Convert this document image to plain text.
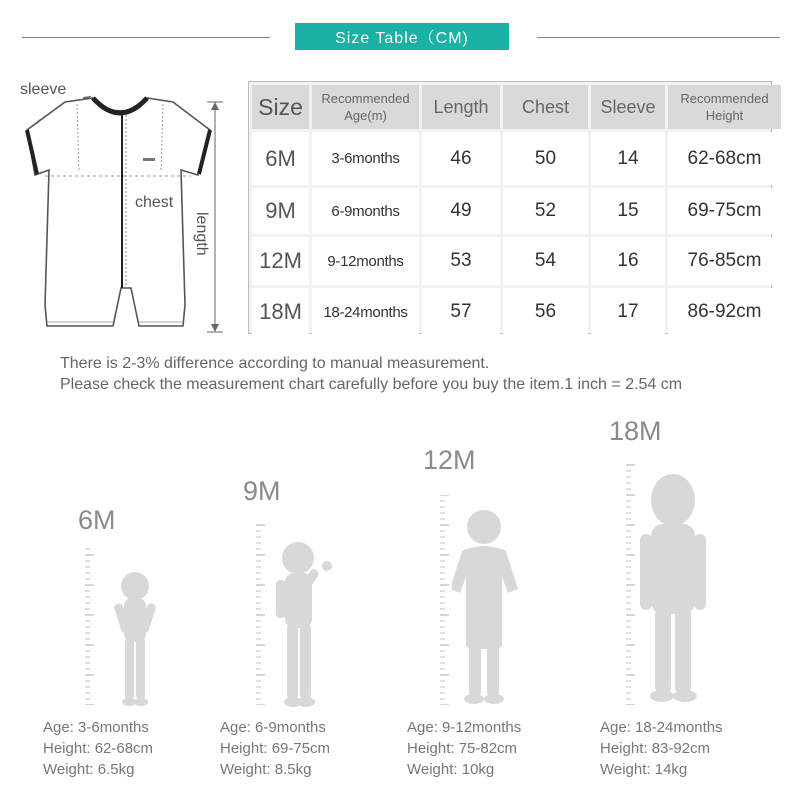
Size Table（CM)
sleeve
chest
length
Size	Recommended Age(m)	Length	Chest	Sleeve	Recommended Height
6M	3-6months	46	50	14	62-68cm
9M	6-9months	49	52	15	69-75cm
12M	9-12months	53	54	16	76-85cm
18M	18-24months	57	56	17	86-92cm
There is 2-3% difference according to manual measurement.
Please check the measurement chart carefully before you buy the item.1 inch = 2.54 cm
6M
9M
12M
18M
Age: 3-6months
Height: 62-68cm
Weight: 6.5kg
Age: 6-9months
Height: 69-75cm
Weight: 8.5kg
Age: 9-12months
Height: 75-82cm
Weight: 10kg
Age: 18-24months
Height: 83-92cm
Weight: 14kg
